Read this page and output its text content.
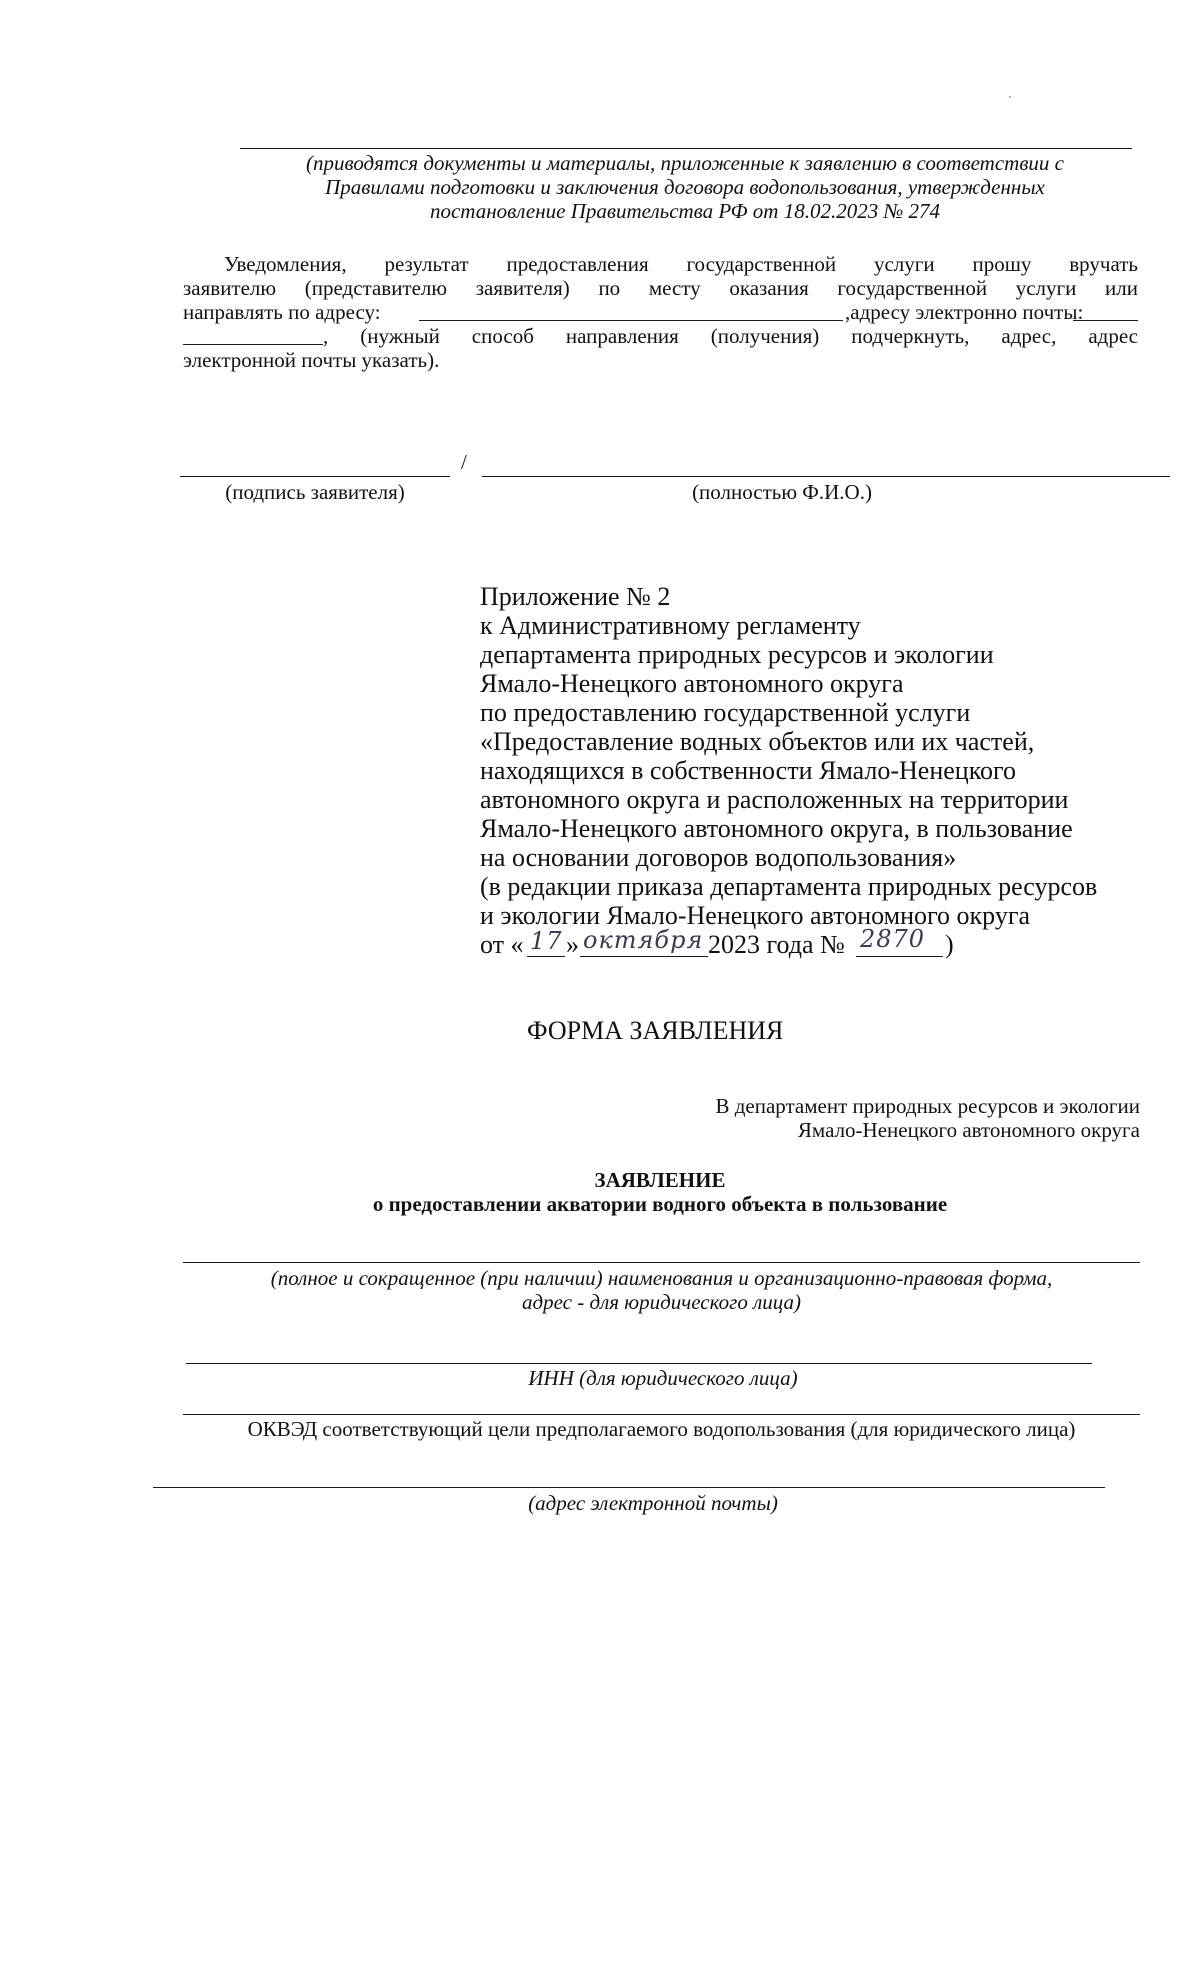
(приводятся документы и материалы, приложенные к заявлению в соответствии с
Правилами подготовки и заключения договора водопользования, утвержденных
постановление Правительства РФ от 18.02.2023 № 274
Уведомления, результат предоставления государственной услуги прошу вручать
заявителю (представителю заявителя) по месту оказания государственной услуги или
направлять по адресу:	,адресу электронно почты:
, (нужный способ направления (получения) подчеркнуть, адрес, адрес
электронной почты указать).
/
(подпись заявителя)	(полностью Ф.И.О.)
Приложение № 2
к Административному регламенту
департамента природных ресурсов и экологии
Ямало-Ненецкого автономного округа
по предоставлению государственной услуги
«Предоставление водных объектов или их частей,
находящихся в собственности Ямало-Ненецкого
автономного округа и расположенных на территории
Ямало-Ненецкого автономного округа, в пользование
на основании договоров водопользования»
(в редакции приказа департамента природных ресурсов
и экологии Ямало-Ненецкого автономного округа
от « 17 » октября 2023 года № 2870 )
ФОРМА ЗАЯВЛЕНИЯ
В департамент природных ресурсов и экологии
Ямало-Ненецкого автономного округа
ЗАЯВЛЕНИЕ
о предоставлении акватории водного объекта в пользование
(полное и сокращенное (при наличии) наименования и организационно-правовая форма,
адрес - для юридического лица)
ИНН (для юридического лица)
ОКВЭД соответствующий цели предполагаемого водопользования (для юридического лица)
(адрес электронной почты)
